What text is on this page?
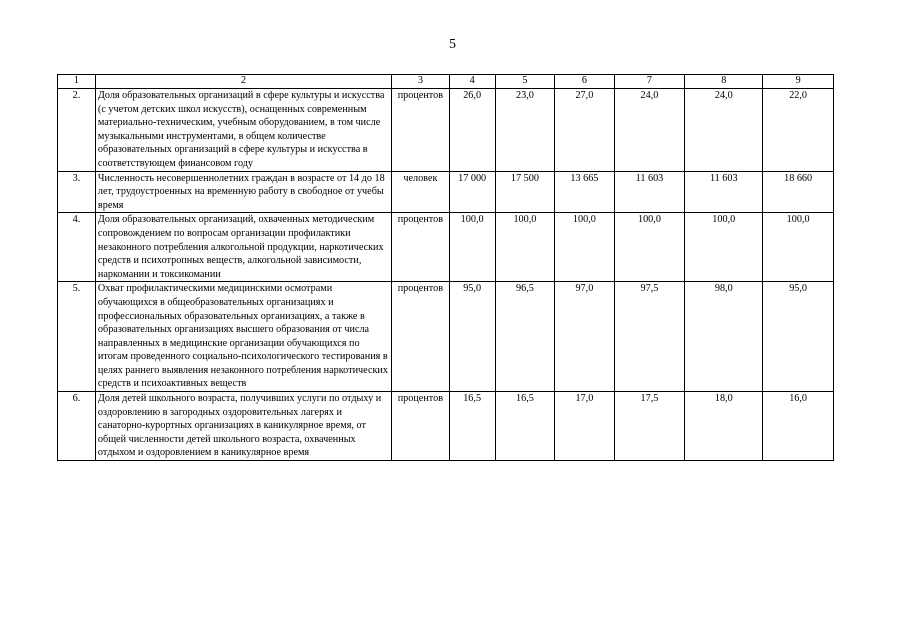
5
1	2	3	4	5	6	7	8	9
2.	Доля образовательных организаций в сфере культуры и искусства (с учетом детских школ искусств), оснащенных современным материально-техническим, учебным оборудованием, в том числе музыкальными инструментами, в общем количестве образовательных организаций в сфере культуры и искусства в соответствующем финансовом году	процентов	26,0	23,0	27,0	24,0	24,0	22,0
3.	Численность несовершеннолетних граждан в возрасте от 14 до 18 лет, трудоустроенных на временную работу в свободное от учебы время	человек	17 000	17 500	13 665	11 603	11 603	18 660
4.	Доля образовательных организаций, охваченных методическим сопровождением по вопросам организации профилактики незаконного потребления алкогольной продукции, наркотических средств и психотропных веществ, алкогольной зависимости, наркомании и токсикомании	процентов	100,0	100,0	100,0	100,0	100,0	100,0
5.	Охват профилактическими медицинскими осмотрами обучающихся в общеобразовательных организациях и профессиональных образовательных организациях, а также в образовательных организациях высшего образования от числа направленных в медицинские организации обучающихся по итогам проведенного социально-психологического тестирования в целях раннего выявления незаконного потребления наркотических средств и психоактивных веществ	процентов	95,0	96,5	97,0	97,5	98,0	95,0
6.	Доля детей школьного возраста, получивших услуги по отдыху и оздоровлению в загородных оздоровительных лагерях и санаторно-курортных организациях в каникулярное время, от общей численности детей школьного возраста, охваченных отдыхом и оздоровлением в каникулярное время	процентов	16,5	16,5	17,0	17,5	18,0	16,0
